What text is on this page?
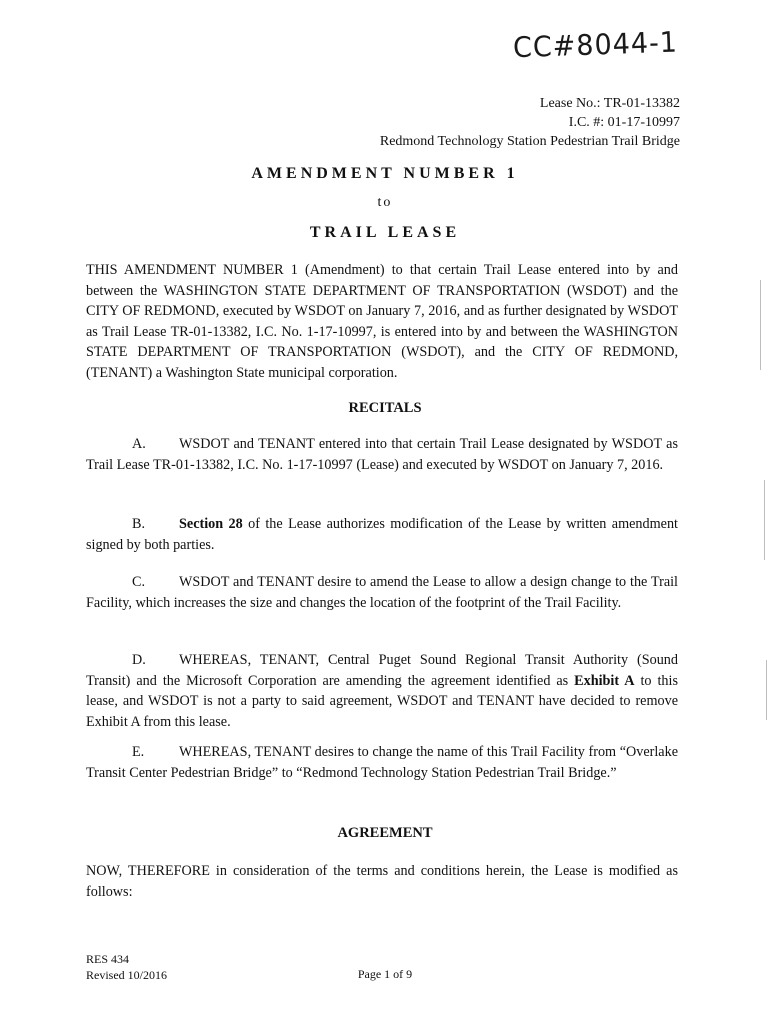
CC#8044-1
Lease No.: TR-01-13382
I.C. #: 01-17-10997
Redmond Technology Station Pedestrian Trail Bridge
AMENDMENT NUMBER 1
to
TRAIL LEASE
THIS AMENDMENT NUMBER 1 (Amendment) to that certain Trail Lease entered into by and between the WASHINGTON STATE DEPARTMENT OF TRANSPORTATION (WSDOT) and the CITY OF REDMOND, executed by WSDOT on January 7, 2016, and as further designated by WSDOT as Trail Lease TR-01-13382, I.C. No. 1-17-10997, is entered into by and between the WASHINGTON STATE DEPARTMENT OF TRANSPORTATION (WSDOT), and the CITY OF REDMOND, (TENANT) a Washington State municipal corporation.
RECITALS
A. WSDOT and TENANT entered into that certain Trail Lease designated by WSDOT as Trail Lease TR-01-13382, I.C. No. 1-17-10997 (Lease) and executed by WSDOT on January 7, 2016.
B. Section 28 of the Lease authorizes modification of the Lease by written amendment signed by both parties.
C. WSDOT and TENANT desire to amend the Lease to allow a design change to the Trail Facility, which increases the size and changes the location of the footprint of the Trail Facility.
D. WHEREAS, TENANT, Central Puget Sound Regional Transit Authority (Sound Transit) and the Microsoft Corporation are amending the agreement identified as Exhibit A to this lease, and WSDOT is not a party to said agreement, WSDOT and TENANT have decided to remove Exhibit A from this lease.
E. WHEREAS, TENANT desires to change the name of this Trail Facility from “Overlake Transit Center Pedestrian Bridge” to “Redmond Technology Station Pedestrian Trail Bridge.”
AGREEMENT
NOW, THEREFORE in consideration of the terms and conditions herein, the Lease is modified as follows:
RES 434
Revised 10/2016	Page 1 of 9
